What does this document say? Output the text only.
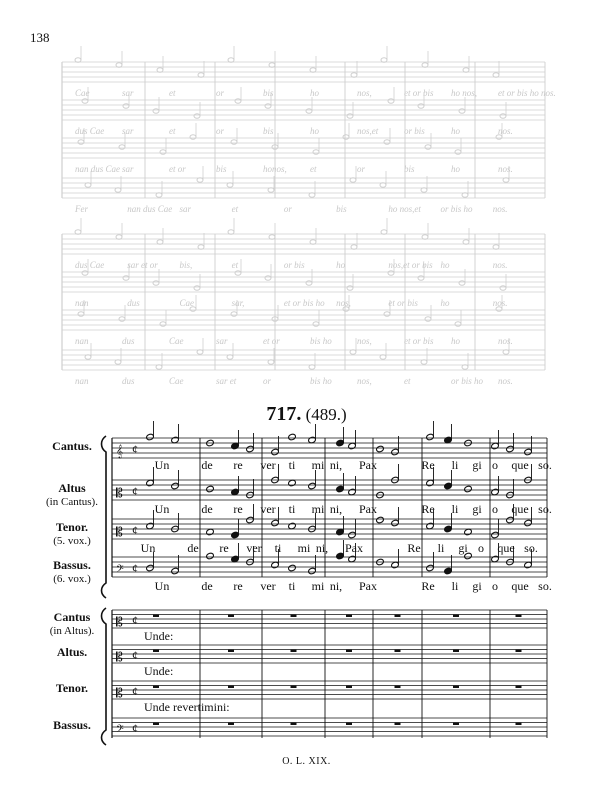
138
Cae	sar	et	or	bis	ho	nos,	et or bis ho nos, et or bis ho nos.
dus Cae sar	et	or	bis	ho	nos,et	or bis	ho	nos.
nan dus Cae sar	et or	bis	honos,	et	or	bis	ho	nos.
Fer	nan dus Cae sar	et	or	bis	ho nos,et or bis ho nos.
dus Cae	sar et or bis,	et	or bis	ho	nos,et or bis ho	nos.
nan	dus	Cae	sar,	et or bis ho nos,	et or bis	ho	nos.
nan	dus	Cae	sar	et or	bis ho	nos,	et or bis ho	nos.
nan	dus	Cae	sar et	or	bis ho	nos,	et	or bis ho nos.
𝄞 ¢
Cantus.
Un	de re ver ti mi ni, Pax	Re li gi o que so.
𝄡 ¢
Altus
(in Cantus).	Un	de re ver ti mi ni, Pax	Re li gi o que so.
𝄡 ¢
Tenor.
(5. vox.)	Un	de re ver ti mi ni, Pax	Re li gi o que so.
𝄢 ¢
Bassus.
(6. vox.)	Un	de re ver ti mi ni, Pax	Re li gi o que so.
𝄡 ¢
Cantus
(in Altus).	Unde:
𝄡 ¢
Altus.
Unde:
𝄡 ¢
Tenor.
Unde revertimini:
𝄢 ¢
Bassus.
717. (489.)
O. L. XIX.
